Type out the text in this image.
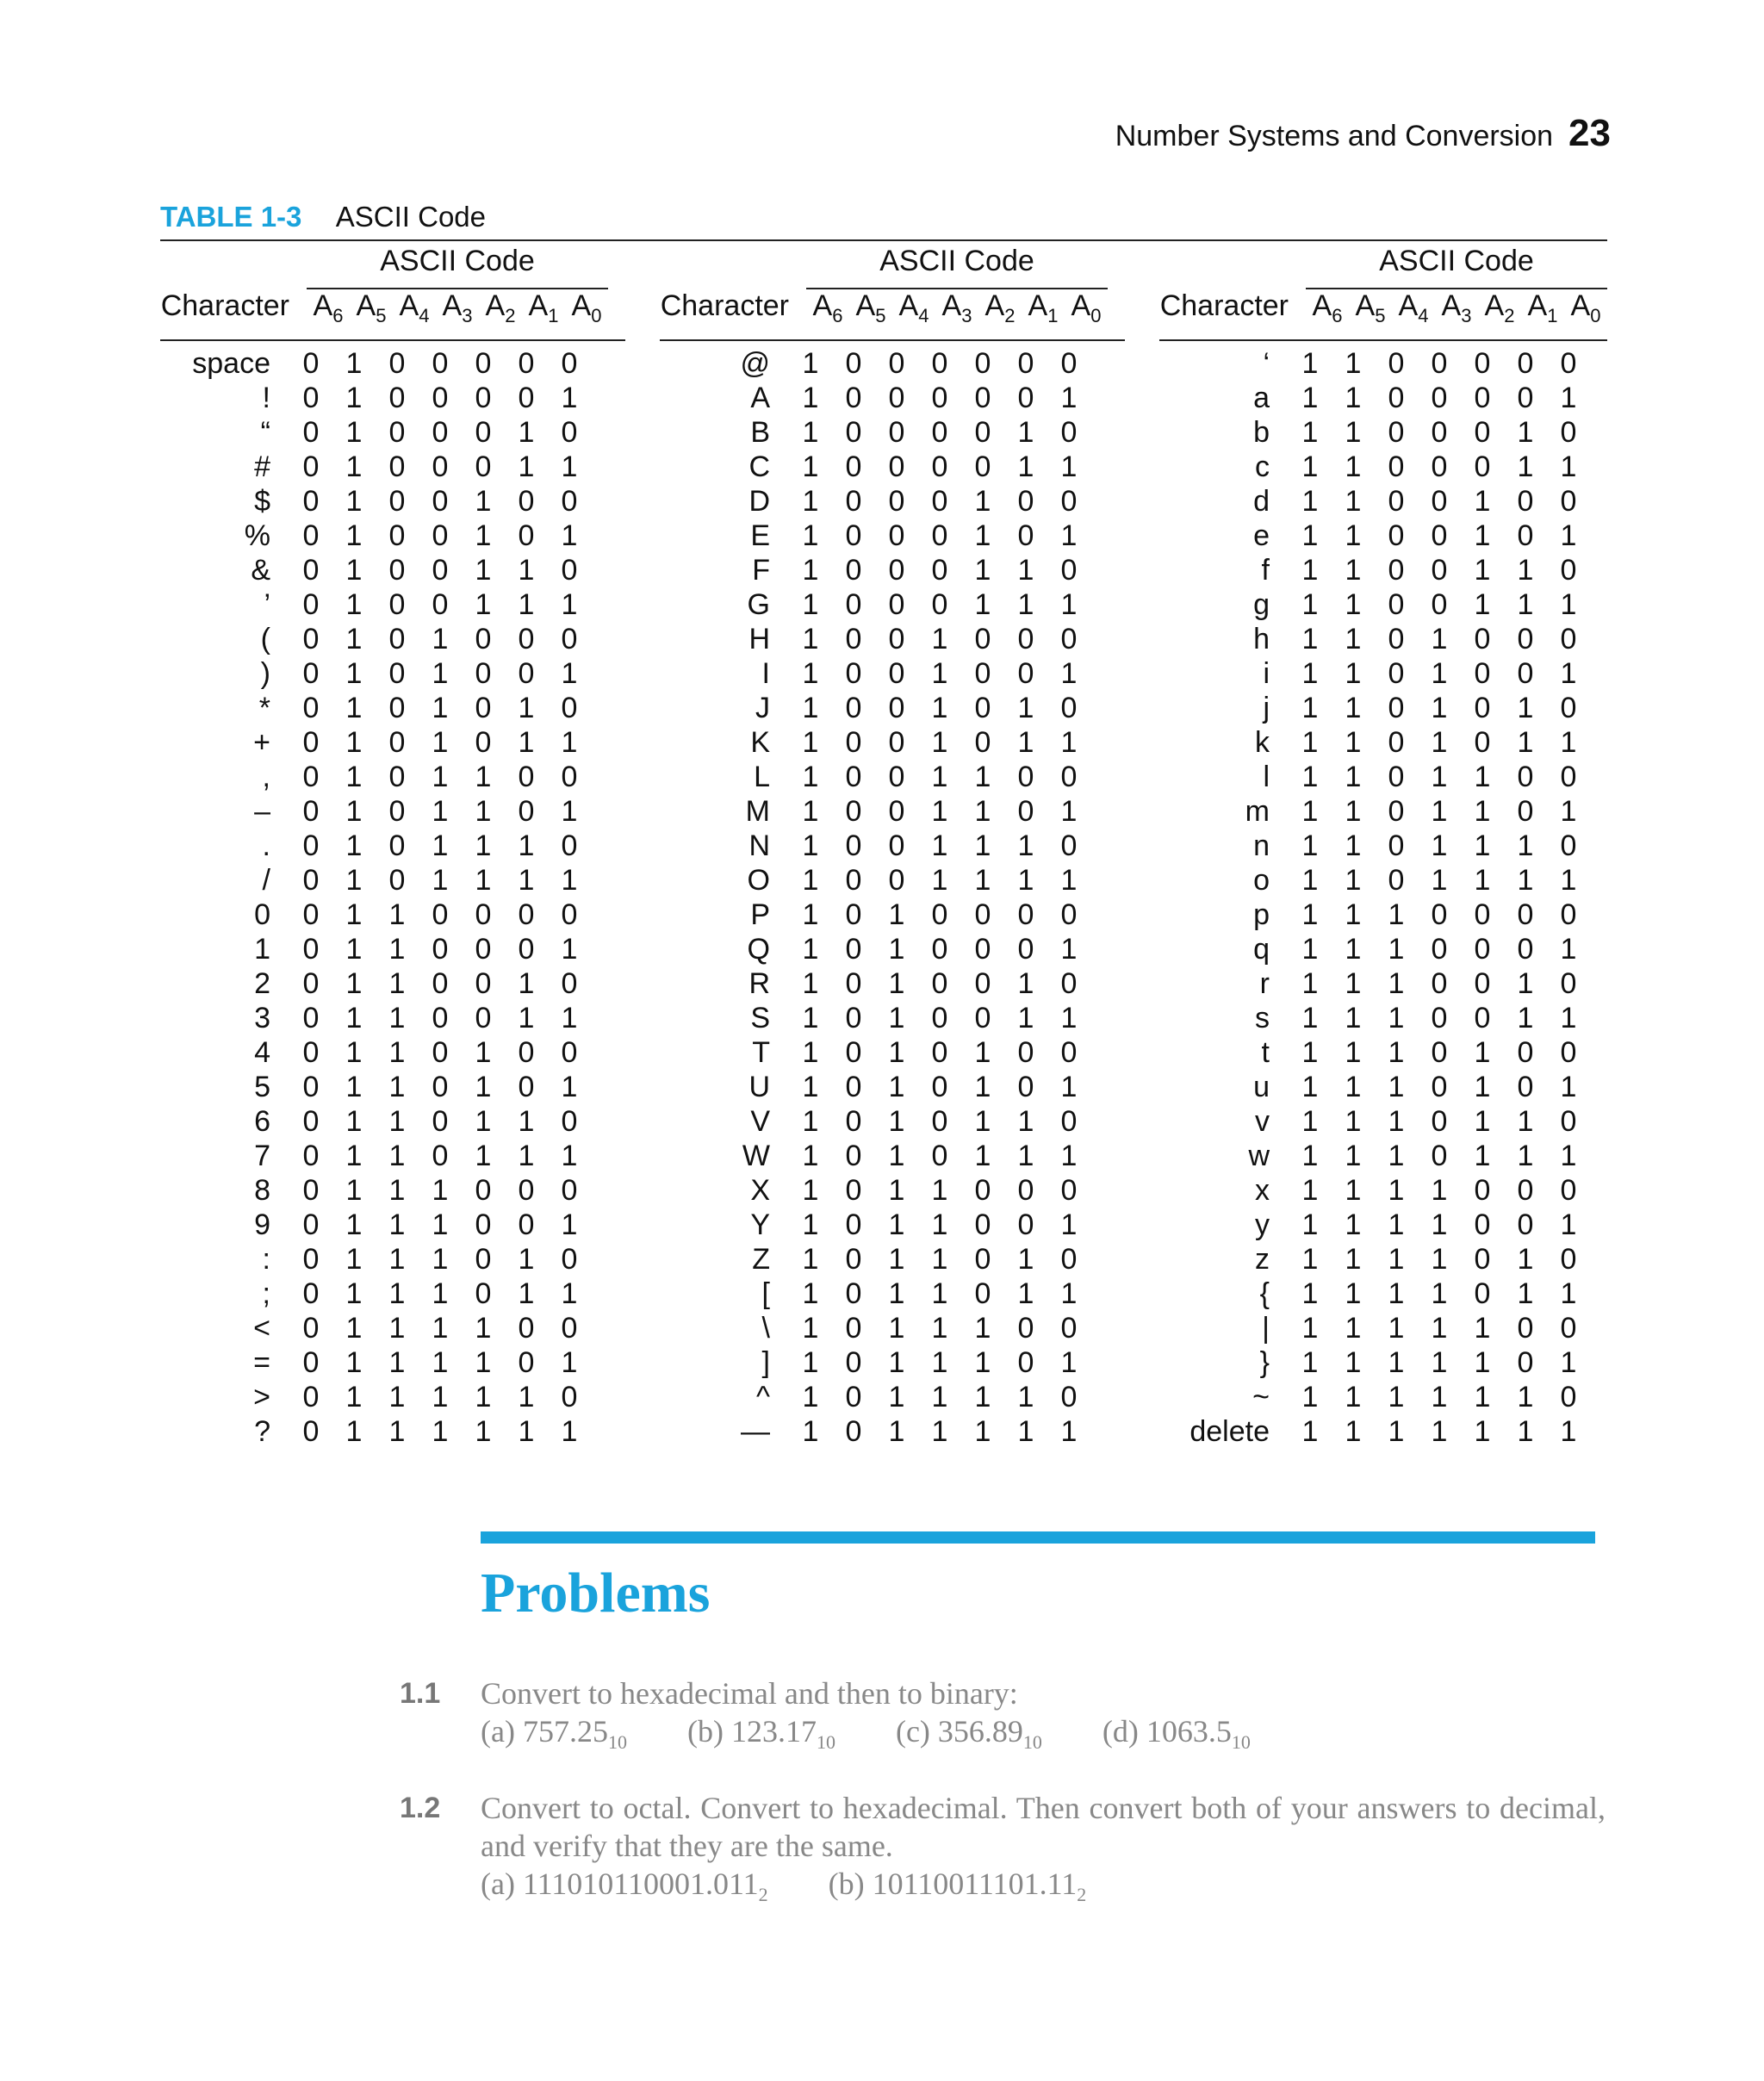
Number Systems and Conversion 23
TABLE 1-3 ASCII Code
ASCII Code
Character $A_6$ $A_5$ $A_4$ $A_3$ $A_2$ $A_1$ $A_0$
space	0 1 0 0 0 0 0
!	0 1 0 0 0 0 1
“	0 1 0 0 0 1 0
#	0 1 0 0 0 1 1
$	0 1 0 0 1 0 0
%	0 1 0 0 1 0 1
&	0 1 0 0 1 1 0
’	0 1 0 0 1 1 1
(	0 1 0 1 0 0 0
)	0 1 0 1 0 0 1
*	0 1 0 1 0 1 0
+	0 1 0 1 0 1 1
,	0 1 0 1 1 0 0
–	0 1 0 1 1 0 1
.	0 1 0 1 1 1 0
/	0 1 0 1 1 1 1
0	0 1 1 0 0 0 0
1	0 1 1 0 0 0 1
2	0 1 1 0 0 1 0
3	0 1 1 0 0 1 1
4	0 1 1 0 1 0 0
5	0 1 1 0 1 0 1
6	0 1 1 0 1 1 0
7	0 1 1 0 1 1 1
8	0 1 1 1 0 0 0
9	0 1 1 1 0 0 1
:	0 1 1 1 0 1 0
;	0 1 1 1 0 1 1
<	0 1 1 1 1 0 0
=	0 1 1 1 1 0 1
>	0 1 1 1 1 1 0
?	0 1 1 1 1 1 1
ASCII Code
Character $A_6$ $A_5$ $A_4$ $A_3$ $A_2$ $A_1$ $A_0$
@	1 0 0 0 0 0 0
A	1 0 0 0 0 0 1
B	1 0 0 0 0 1 0
C	1 0 0 0 0 1 1
D	1 0 0 0 1 0 0
E	1 0 0 0 1 0 1
F	1 0 0 0 1 1 0
G	1 0 0 0 1 1 1
H	1 0 0 1 0 0 0
I	1 0 0 1 0 0 1
J	1 0 0 1 0 1 0
K	1 0 0 1 0 1 1
L	1 0 0 1 1 0 0
M	1 0 0 1 1 0 1
N	1 0 0 1 1 1 0
O	1 0 0 1 1 1 1
P	1 0 1 0 0 0 0
Q	1 0 1 0 0 0 1
R	1 0 1 0 0 1 0
S	1 0 1 0 0 1 1
T	1 0 1 0 1 0 0
U	1 0 1 0 1 0 1
V	1 0 1 0 1 1 0
W	1 0 1 0 1 1 1
X	1 0 1 1 0 0 0
Y	1 0 1 1 0 0 1
Z	1 0 1 1 0 1 0
[	1 0 1 1 0 1 1
\	1 0 1 1 1 0 0
]	1 0 1 1 1 0 1
^	1 0 1 1 1 1 0
—	1 0 1 1 1 1 1
ASCII Code
Character $A_6$ $A_5$ $A_4$ $A_3$ $A_2$ $A_1$ $A_0$
‘	1 1 0 0 0 0 0
a	1 1 0 0 0 0 1
b	1 1 0 0 0 1 0
c	1 1 0 0 0 1 1
d	1 1 0 0 1 0 0
e	1 1 0 0 1 0 1
f	1 1 0 0 1 1 0
g	1 1 0 0 1 1 1
h	1 1 0 1 0 0 0
i	1 1 0 1 0 0 1
j	1 1 0 1 0 1 0
k	1 1 0 1 0 1 1
l	1 1 0 1 1 0 0
m	1 1 0 1 1 0 1
n	1 1 0 1 1 1 0
o	1 1 0 1 1 1 1
p	1 1 1 0 0 0 0
q	1 1 1 0 0 0 1
r	1 1 1 0 0 1 0
s	1 1 1 0 0 1 1
t	1 1 1 0 1 0 0
u	1 1 1 0 1 0 1
v	1 1 1 0 1 1 0
w	1 1 1 0 1 1 1
x	1 1 1 1 0 0 0
y	1 1 1 1 0 0 1
z	1 1 1 1 0 1 0
{	1 1 1 1 0 1 1
|	1 1 1 1 1 0 0
}	1 1 1 1 1 0 1
~	1 1 1 1 1 1 0
delete	1 1 1 1 1 1 1
Problems
1.1 Convert to hexadecimal and then to binary:
(a) $757.25_{10}$ (b) $123.17_{10}$ (c) $356.89_{10}$ (d) $1063.5_{10}$
1.2 Convert to octal. Convert to hexadecimal. Then convert both of your answers to decimal, and verify that they are the same.
(a) $111010110001.011_2$ (b) $10110011101.11_2$
